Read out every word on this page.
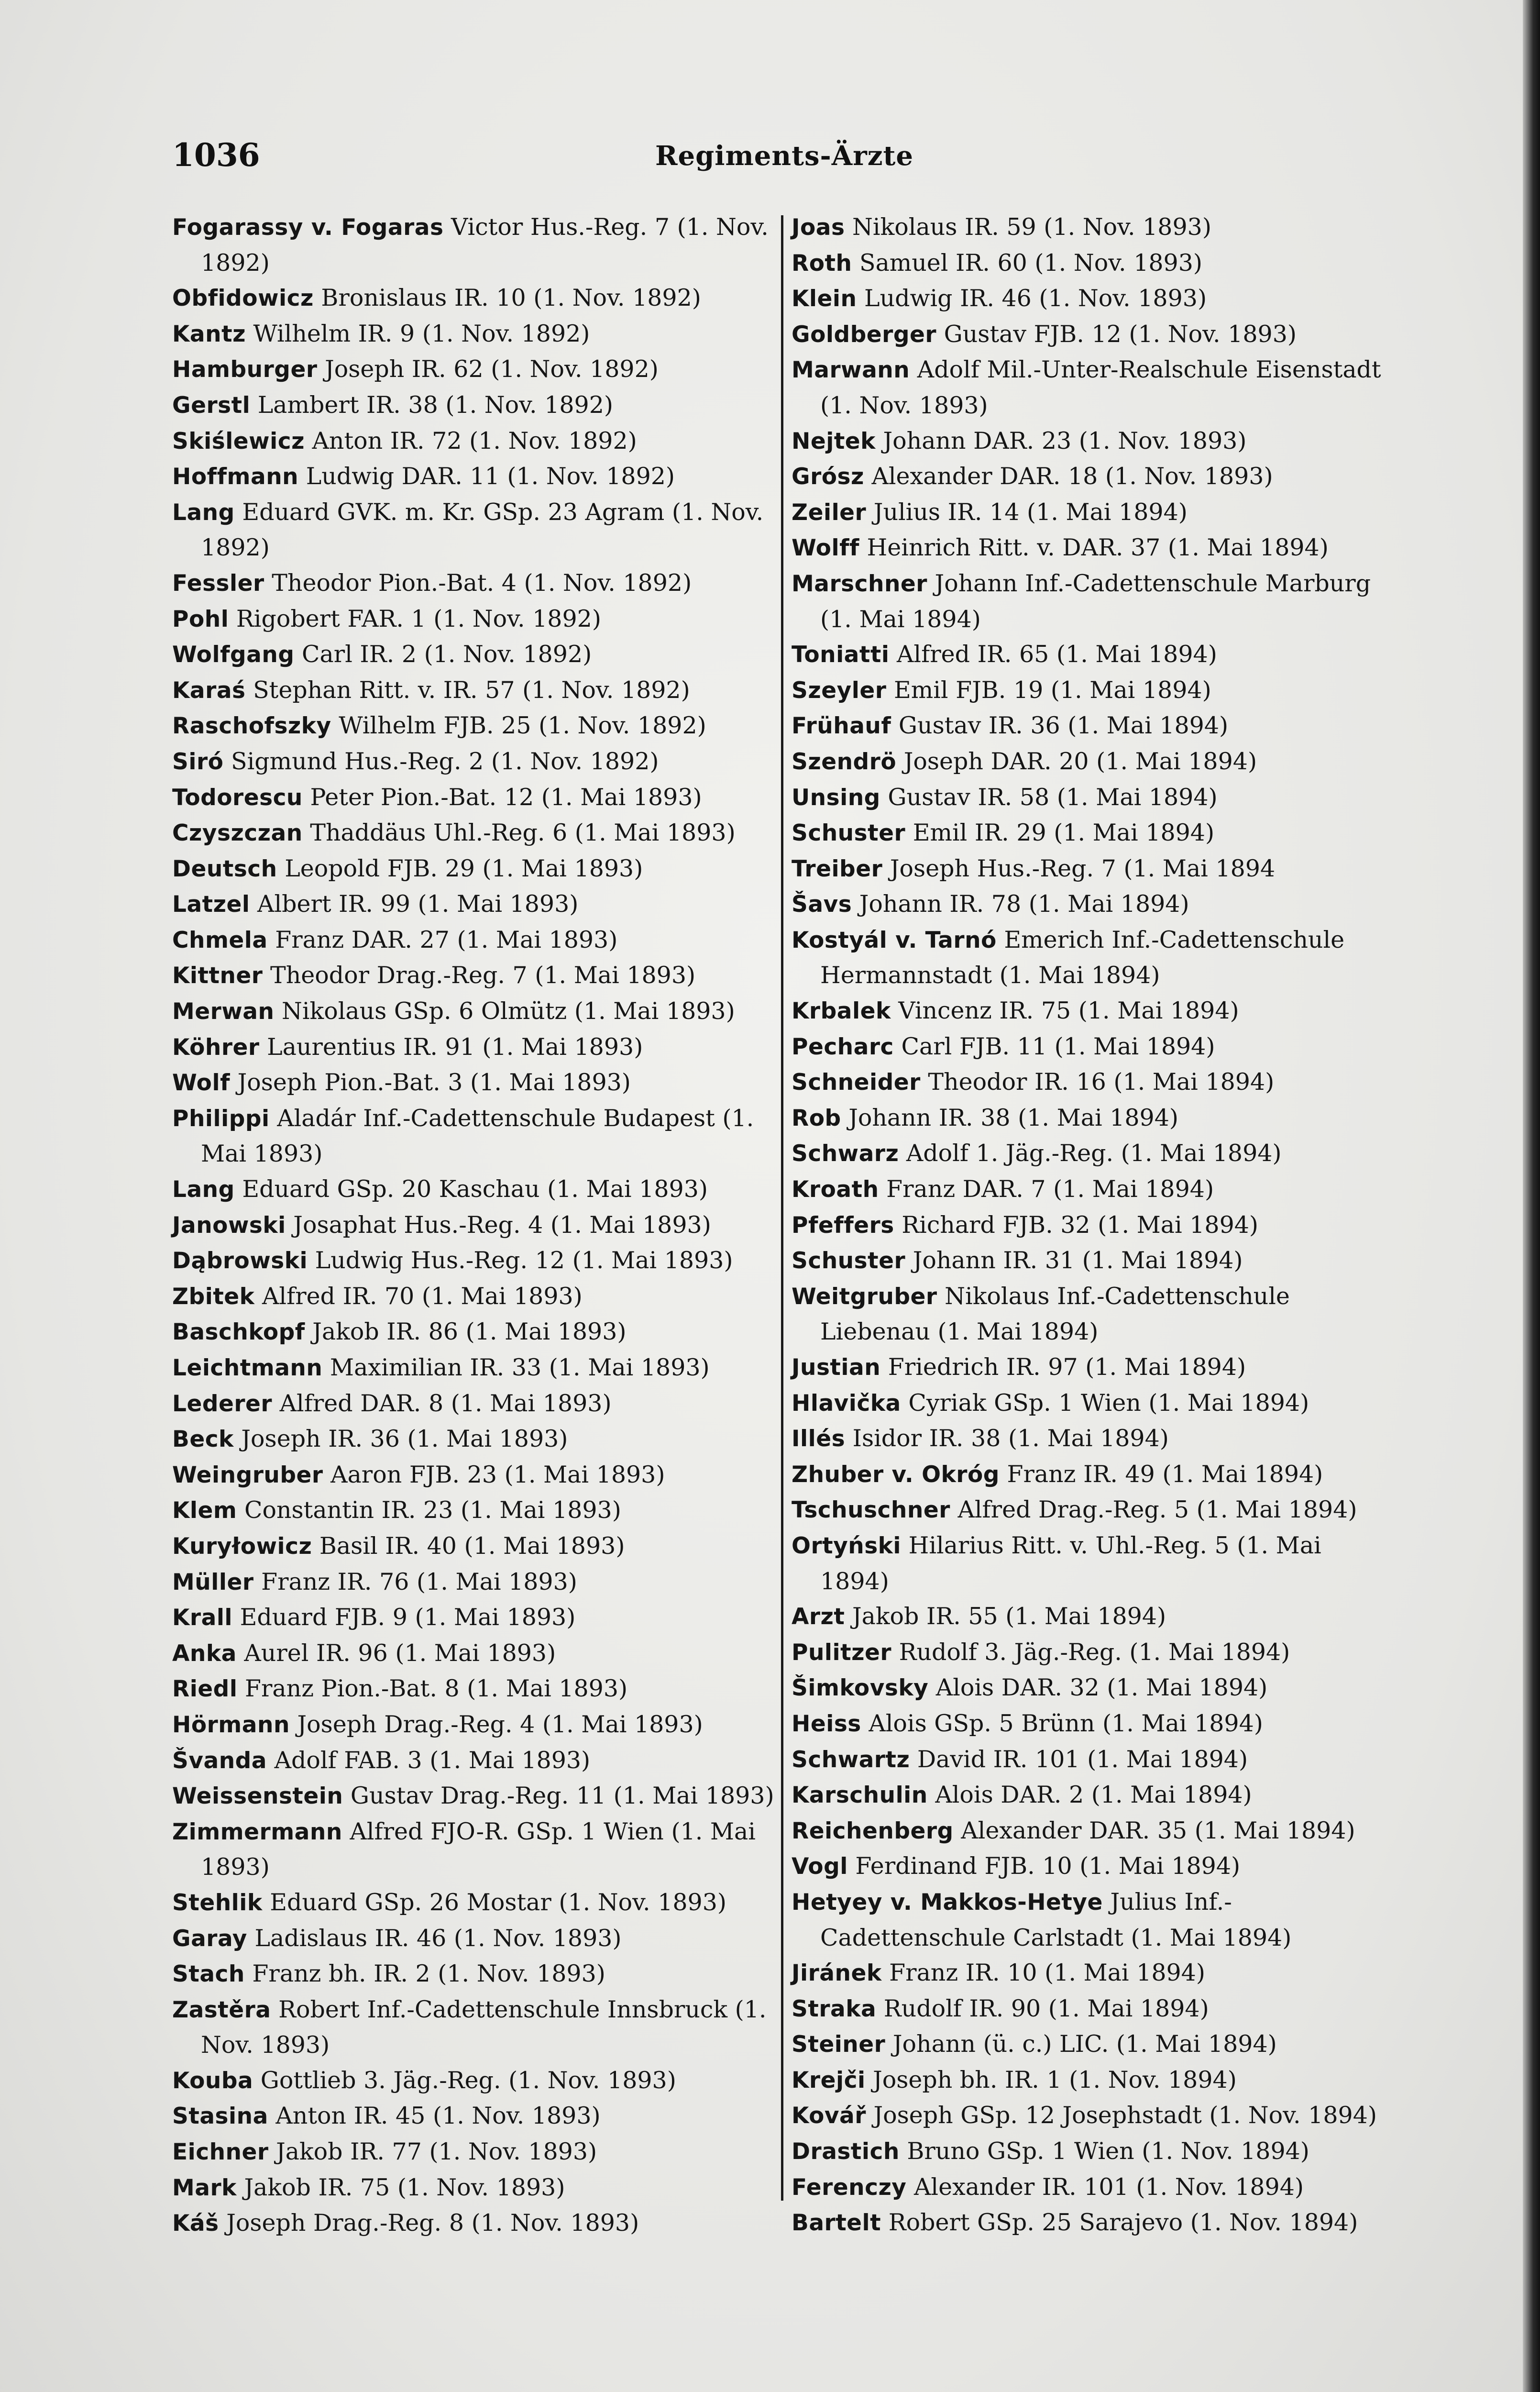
1036	Regiments-Ärzte
Fogarassy v. Fogaras Victor Hus.-Reg. 7 (1. Nov. 1892)
Obfidowicz Bronislaus IR. 10 (1. Nov. 1892)
Kantz Wilhelm IR. 9 (1. Nov. 1892)
Hamburger Joseph IR. 62 (1. Nov. 1892)
Gerstl Lambert IR. 38 (1. Nov. 1892)
Skiślewicz Anton IR. 72 (1. Nov. 1892)
Hoffmann Ludwig DAR. 11 (1. Nov. 1892)
Lang Eduard GVK. m. Kr. GSp. 23 Agram (1. Nov. 1892)
Fessler Theodor Pion.-Bat. 4 (1. Nov. 1892)
Pohl Rigobert FAR. 1 (1. Nov. 1892)
Wolfgang Carl IR. 2 (1. Nov. 1892)
Karaś Stephan Ritt. v. IR. 57 (1. Nov. 1892)
Raschofszky Wilhelm FJB. 25 (1. Nov. 1892)
Siró Sigmund Hus.-Reg. 2 (1. Nov. 1892)
Todorescu Peter Pion.-Bat. 12 (1. Mai 1893)
Czyszczan Thaddäus Uhl.-Reg. 6 (1. Mai 1893)
Deutsch Leopold FJB. 29 (1. Mai 1893)
Latzel Albert IR. 99 (1. Mai 1893)
Chmela Franz DAR. 27 (1. Mai 1893)
Kittner Theodor Drag.-Reg. 7 (1. Mai 1893)
Merwan Nikolaus GSp. 6 Olmütz (1. Mai 1893)
Köhrer Laurentius IR. 91 (1. Mai 1893)
Wolf Joseph Pion.-Bat. 3 (1. Mai 1893)
Philippi Aladár Inf.-Cadettenschule Budapest (1. Mai 1893)
Lang Eduard GSp. 20 Kaschau (1. Mai 1893)
Janowski Josaphat Hus.-Reg. 4 (1. Mai 1893)
Dąbrowski Ludwig Hus.-Reg. 12 (1. Mai 1893)
Zbitek Alfred IR. 70 (1. Mai 1893)
Baschkopf Jakob IR. 86 (1. Mai 1893)
Leichtmann Maximilian IR. 33 (1. Mai 1893)
Lederer Alfred DAR. 8 (1. Mai 1893)
Beck Joseph IR. 36 (1. Mai 1893)
Weingruber Aaron FJB. 23 (1. Mai 1893)
Klem Constantin IR. 23 (1. Mai 1893)
Kuryłowicz Basil IR. 40 (1. Mai 1893)
Müller Franz IR. 76 (1. Mai 1893)
Krall Eduard FJB. 9 (1. Mai 1893)
Anka Aurel IR. 96 (1. Mai 1893)
Riedl Franz Pion.-Bat. 8 (1. Mai 1893)
Hörmann Joseph Drag.-Reg. 4 (1. Mai 1893)
Švanda Adolf FAB. 3 (1. Mai 1893)
Weissenstein Gustav Drag.-Reg. 11 (1. Mai 1893)
Zimmermann Alfred FJO-R. GSp. 1 Wien (1. Mai 1893)
Stehlik Eduard GSp. 26 Mostar (1. Nov. 1893)
Garay Ladislaus IR. 46 (1. Nov. 1893)
Stach Franz bh. IR. 2 (1. Nov. 1893)
Zastěra Robert Inf.-Cadettenschule Innsbruck (1. Nov. 1893)
Kouba Gottlieb 3. Jäg.-Reg. (1. Nov. 1893)
Stasina Anton IR. 45 (1. Nov. 1893)
Eichner Jakob IR. 77 (1. Nov. 1893)
Mark Jakob IR. 75 (1. Nov. 1893)
Káš Joseph Drag.-Reg. 8 (1. Nov. 1893)
Joas Nikolaus IR. 59 (1. Nov. 1893)
Roth Samuel IR. 60 (1. Nov. 1893)
Klein Ludwig IR. 46 (1. Nov. 1893)
Goldberger Gustav FJB. 12 (1. Nov. 1893)
Marwann Adolf Mil.-Unter-Realschule Eisenstadt (1. Nov. 1893)
Nejtek Johann DAR. 23 (1. Nov. 1893)
Grósz Alexander DAR. 18 (1. Nov. 1893)
Zeiler Julius IR. 14 (1. Mai 1894)
Wolff Heinrich Ritt. v. DAR. 37 (1. Mai 1894)
Marschner Johann Inf.-Cadettenschule Marburg (1. Mai 1894)
Toniatti Alfred IR. 65 (1. Mai 1894)
Szeyler Emil FJB. 19 (1. Mai 1894)
Frühauf Gustav IR. 36 (1. Mai 1894)
Szendrö Joseph DAR. 20 (1. Mai 1894)
Unsing Gustav IR. 58 (1. Mai 1894)
Schuster Emil IR. 29 (1. Mai 1894)
Treiber Joseph Hus.-Reg. 7 (1. Mai 1894
Šavs Johann IR. 78 (1. Mai 1894)
Kostyál v. Tarnó Emerich Inf.-Cadettenschule Hermannstadt (1. Mai 1894)
Krbalek Vincenz IR. 75 (1. Mai 1894)
Pecharc Carl FJB. 11 (1. Mai 1894)
Schneider Theodor IR. 16 (1. Mai 1894)
Rob Johann IR. 38 (1. Mai 1894)
Schwarz Adolf 1. Jäg.-Reg. (1. Mai 1894)
Kroath Franz DAR. 7 (1. Mai 1894)
Pfeffers Richard FJB. 32 (1. Mai 1894)
Schuster Johann IR. 31 (1. Mai 1894)
Weitgruber Nikolaus Inf.-Cadettenschule Liebenau (1. Mai 1894)
Justian Friedrich IR. 97 (1. Mai 1894)
Hlavička Cyriak GSp. 1 Wien (1. Mai 1894)
Illés Isidor IR. 38 (1. Mai 1894)
Zhuber v. Okróg Franz IR. 49 (1. Mai 1894)
Tschuschner Alfred Drag.-Reg. 5 (1. Mai 1894)
Ortyński Hilarius Ritt. v. Uhl.-Reg. 5 (1. Mai 1894)
Arzt Jakob IR. 55 (1. Mai 1894)
Pulitzer Rudolf 3. Jäg.-Reg. (1. Mai 1894)
Šimkovsky Alois DAR. 32 (1. Mai 1894)
Heiss Alois GSp. 5 Brünn (1. Mai 1894)
Schwartz David IR. 101 (1. Mai 1894)
Karschulin Alois DAR. 2 (1. Mai 1894)
Reichenberg Alexander DAR. 35 (1. Mai 1894)
Vogl Ferdinand FJB. 10 (1. Mai 1894)
Hetyey v. Makkos-Hetye Julius Inf.-Cadettenschule Carlstadt (1. Mai 1894)
Jiránek Franz IR. 10 (1. Mai 1894)
Straka Rudolf IR. 90 (1. Mai 1894)
Steiner Johann (ü. c.) LIC. (1. Mai 1894)
Krejči Joseph bh. IR. 1 (1. Nov. 1894)
Kovář Joseph GSp. 12 Josephstadt (1. Nov. 1894)
Drastich Bruno GSp. 1 Wien (1. Nov. 1894)
Ferenczy Alexander IR. 101 (1. Nov. 1894)
Bartelt Robert GSp. 25 Sarajevo (1. Nov. 1894)
